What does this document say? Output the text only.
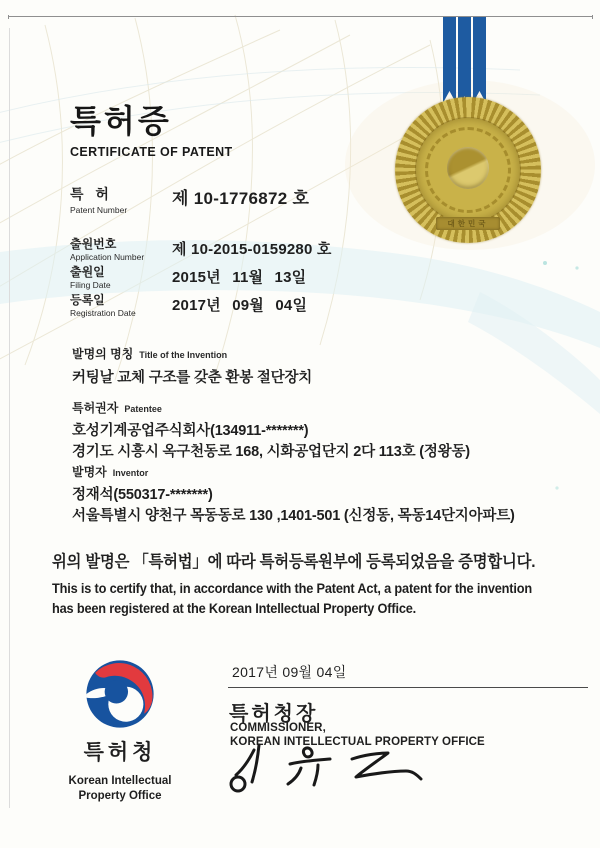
대한민국
특허증
CERTIFICATE OF PATENT
특 허
Patent Number
제 10-1776872 호
출원번호
Application Number 제 10-2015-0159280 호
출원일
Filing Date	2015년 11월 13일
등록일
Registration Date 2017년 09월 04일
발명의 명칭 Title of the Invention
커팅날 교체 구조를 갖춘 환봉 절단장치
특허권자 Patentee
호성기계공업주식회사(134911-*******)
경기도 시흥시 옥구천동로 168, 시화공업단지 2다 113호 (정왕동)
발명자 Inventor
정재석(550317-*******)
서울특별시 양천구 목동동로 130 ,1401-501 (신정동, 목동14단지아파트)
위의 발명은 「특허법」에 따라 특허등록원부에 등록되었음을 증명합니다.
This is to certify that, in accordance with the Patent Act, a patent for the invention
has been registered at the Korean Intellectual Property Office.
특허청
Korean Intellectual
Property Office
2017년 09월 04일
특허청장
COMMISSIONER,
KOREAN INTELLECTUAL PROPERTY OFFICE
